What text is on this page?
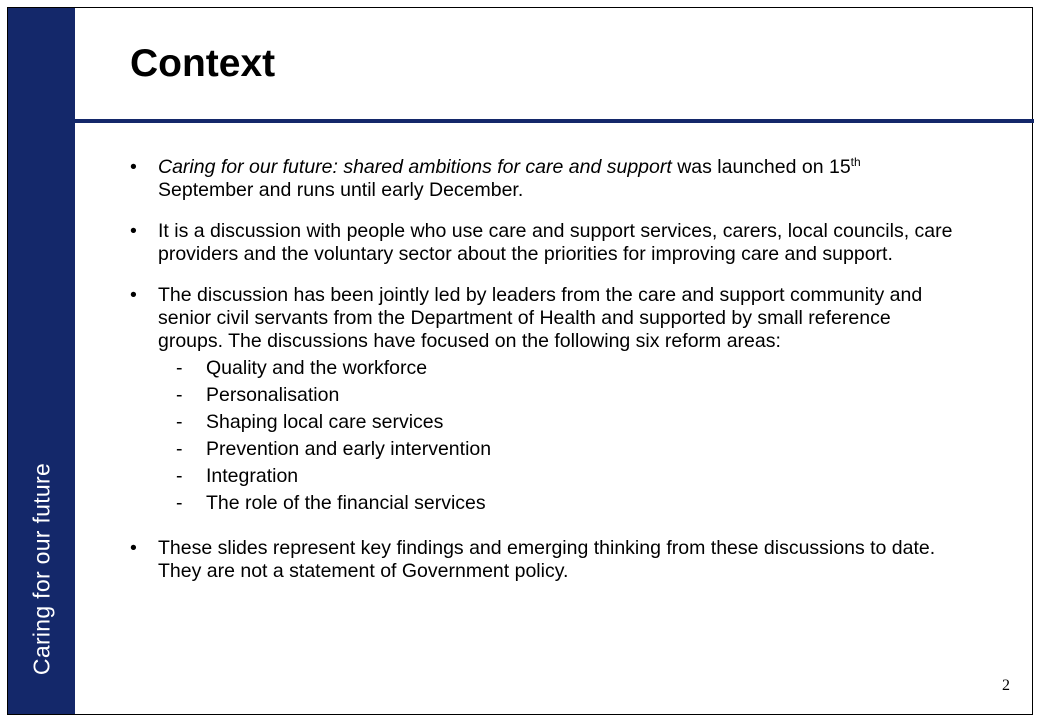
Caring for our future
Context
• Caring for our future: shared ambitions for care and support was launched on 15th September and runs until early December.
• It is a discussion with people who use care and support services, carers, local councils, care providers and the voluntary sector about the priorities for improving care and support.
• The discussion has been jointly led by leaders from the care and support community and senior civil servants from the Department of Health and supported by small reference groups. The discussions have focused on the following six reform areas:
- Quality and the workforce
- Personalisation
- Shaping local care services
- Prevention and early intervention
- Integration
- The role of the financial services
• These slides represent key findings and emerging thinking from these discussions to date. They are not a statement of Government policy.
2
